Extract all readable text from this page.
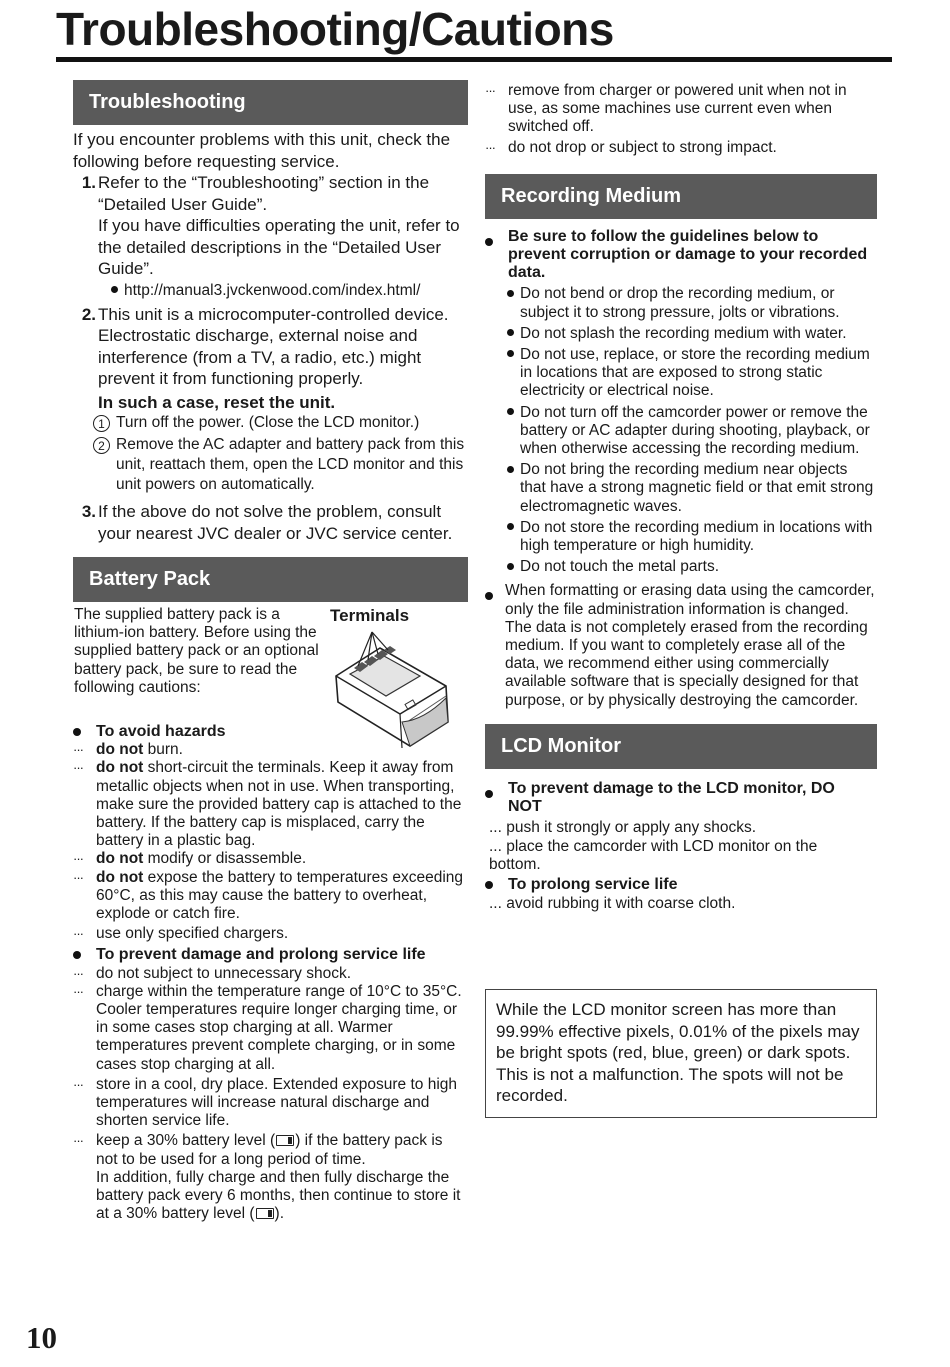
Troubleshooting/Cautions
Troubleshooting

If you encounter problems with this unit, check the following before requesting service.

1. Refer to the “Troubleshooting” section in the “Detailed User Guide”.
If you have difficulties operating the unit, refer to the detailed descriptions in the “Detailed User Guide”.
http://manual3.jvckenwood.com/index.html/
2. This unit is a microcomputer-controlled device. Electrostatic discharge, external noise and interference (from a TV, a radio, etc.) might prevent it from functioning properly.
In such a case, reset the unit.
1 Turn off the power. (Close the LCD monitor.)
2 Remove the AC adapter and battery pack from this unit, reattach them, open the LCD monitor and this unit powers on automatically.
3. If the above do not solve the problem, consult your nearest JVC dealer or JVC service center.
Battery Pack

The supplied battery pack is a lithium-ion battery. Before using the supplied battery pack or an optional battery pack, be sure to read the following cautions:

Terminals
To avoid hazards
··· do not burn.
··· do not short-circuit the terminals. Keep it away from metallic objects when not in use. When transporting, make sure the provided battery cap is attached to the battery. If the battery cap is misplaced, carry the battery in a plastic bag.
··· do not modify or disassemble.
··· do not expose the battery to temperatures exceeding 60°C, as this may cause the battery to overheat, explode or catch fire.
··· use only specified chargers.
To prevent damage and prolong service life
··· do not subject to unnecessary shock.
··· charge within the temperature range of 10°C to 35°C. Cooler temperatures require longer charging time, or in some cases stop charging at all. Warmer temperatures prevent complete charging, or in some cases stop charging at all.
··· store in a cool, dry place. Extended exposure to high temperatures will increase natural discharge and shorten service life.
··· keep a 30% battery level ( ) if the battery pack is not to be used for a long period of time.
In addition, fully charge and then fully discharge the battery pack every 6 months, then continue to store it at a 30% battery level ( ).
··· remove from charger or powered unit when not in use, as some machines use current even when switched off.
··· do not drop or subject to strong impact.
Recording Medium
Be sure to follow the guidelines below to prevent corruption or damage to your recorded data.
Do not bend or drop the recording medium, or subject it to strong pressure, jolts or vibrations.
Do not splash the recording medium with water.
Do not use, replace, or store the recording medium in locations that are exposed to strong static electricity or electrical noise.
Do not turn off the camcorder power or remove the battery or AC adapter during shooting, playback, or when otherwise accessing the recording medium.
Do not bring the recording medium near objects that have a strong magnetic field or that emit strong electromagnetic waves.
Do not store the recording medium in locations with high temperature or high humidity.
Do not touch the metal parts.
When formatting or erasing data using the camcorder, only the file administration information is changed. The data is not completely erased from the recording medium. If you want to completely erase all of the data, we recommend either using commercially available software that is specially designed for that purpose, or by physically destroying the camcorder.
LCD Monitor
To prevent damage to the LCD monitor, DO NOT
... push it strongly or apply any shocks.
... place the camcorder with LCD monitor on the bottom.
To prolong service life
... avoid rubbing it with coarse cloth.
While the LCD monitor screen has more than 99.99% effective pixels, 0.01% of the pixels may be bright spots (red, blue, green) or dark spots. This is not a malfunction. The spots will not be recorded.
10
